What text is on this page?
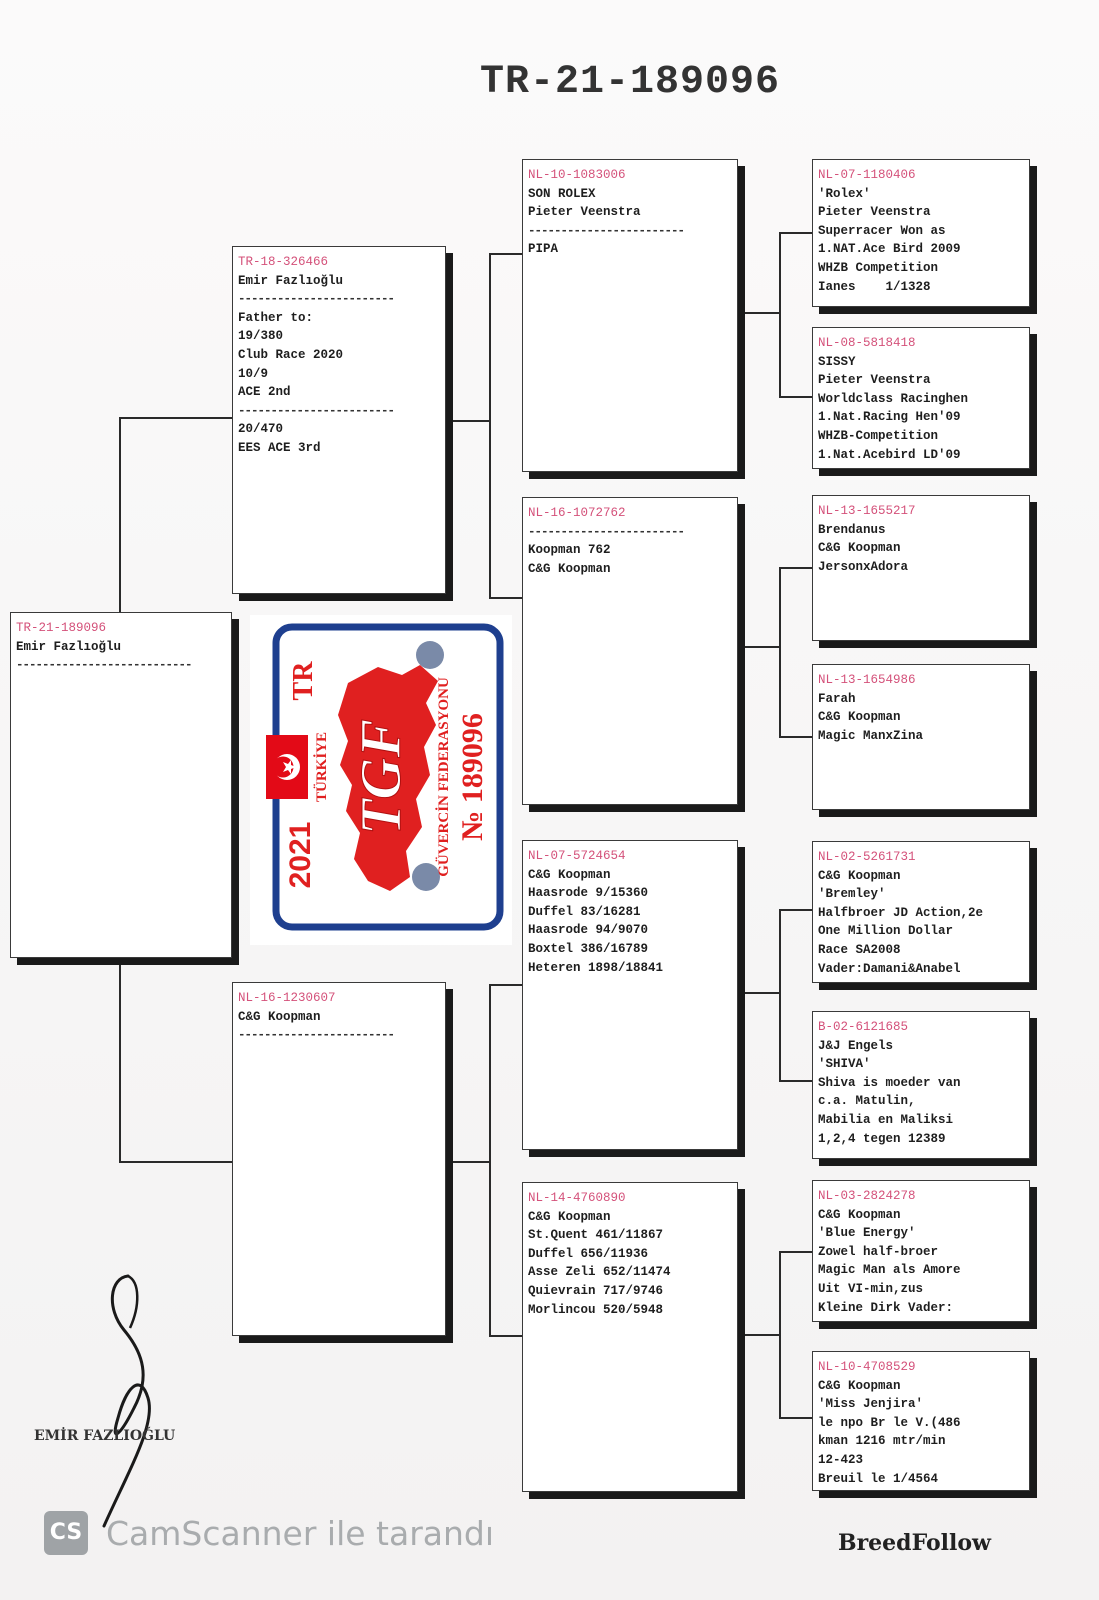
TR-21-189096
TR-21-189096
Emir Fazlıoğlu
---------------------------
TR-18-326466
Emir Fazlıoğlu
------------------------
Father to:
19/380
Club Race 2020
10/9
ACE 2nd
------------------------
20/470
EES ACE 3rd
NL-16-1230607
C&G Koopman
------------------------
NL-10-1083006
SON ROLEX
Pieter Veenstra
------------------------
PIPA
NL-16-1072762
------------------------
Koopman 762
C&G Koopman
NL-07-5724654
C&G Koopman
Haasrode 9/15360
Duffel 83/16281
Haasrode 94/9070
Boxtel 386/16789
Heteren 1898/18841
NL-14-4760890
C&G Koopman
St.Quent 461/11867
Duffel 656/11936
Asse Zeli 652/11474
Quievrain 717/9746
Morlincou 520/5948
NL-07-1180406
'Rolex'
Pieter Veenstra
Superracer Won as
1.NAT.Ace Bird 2009
WHZB Competition
Ianes    1/1328
NL-08-5818418
SISSY
Pieter Veenstra
Worldclass Racinghen
1.Nat.Racing Hen'09
WHZB-Competition
1.Nat.Acebird LD'09
NL-13-1655217
Brendanus
C&G Koopman
JersonxAdora
NL-13-1654986
Farah
C&G Koopman
Magic ManxZina
NL-02-5261731
C&G Koopman
'Bremley'
Halfbroer JD Action,2e
One Million Dollar
Race SA2008
Vader:Damani&Anabel
B-02-6121685
J&J Engels
'SHIVA'
Shiva is moeder van
c.a. Matulin,
Mabilia en Maliksi
1,2,4 tegen 12389
NL-03-2824278
C&G Koopman
'Blue Energy'
Zowel half-broer
Magic Man als Amore
Uit VI-min,zus
Kleine Dirk Vader:
NL-10-4708529
C&G Koopman
'Miss Jenjira'
le npo Br le V.(486
kman 1216 mtr/min
12-423
Breuil le 1/4564
TR
TÜRKİYE
2021
TGF GÜVERCİN FEDERASYONU № 189096
EMİR FAZLIOĞLU
CS CamScanner ile tarandı	BreedFollow
